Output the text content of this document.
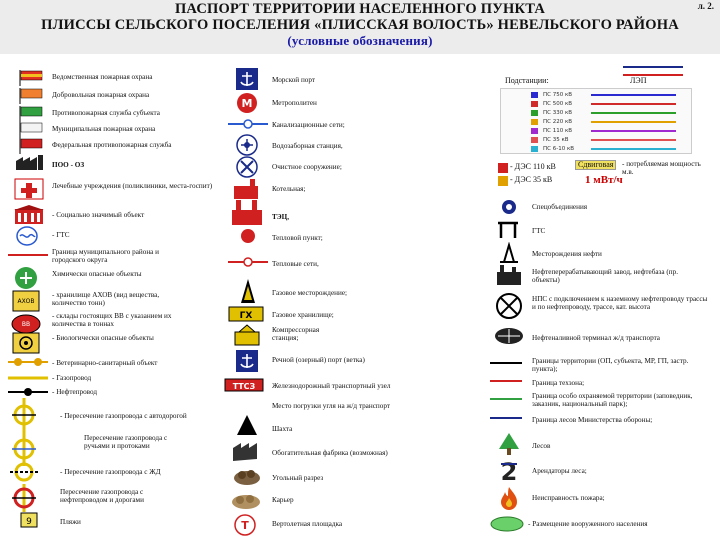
л. 2.
ПАСПОРТ ТЕРРИТОРИИ НАСЕЛЕННОГО ПУНКТА
ПЛИССЫ СЕЛЬСКОГО ПОСЕЛЕНИЯ «ПЛИССКАЯ ВОЛОСТЬ» НЕВЕЛЬСКОГО РАЙОНА
(условные обозначения)
Ведомственная пожарная охрана
Добровольная пожарная охрана
Противопожарная служба субъекта
Муниципальная пожарная охрана
Федеральная противопожарная служба
ПОО - ОЗ
Лечебные учреждения (поликлиники, места-госпит)
- Социально значимый объект
- ГТС
Граница муниципального района и городского округа
Химически опасные объекты
АХОВ
- хранилище АХОВ (вид вещества, количество тонн)
ВВ
- склады гостоящих ВВ с указанием их количества в тоннах
- Биологически опасные объекты
- Ветеринарно-санитарный объект
- Газопровод
- Нефтепровод
- Пересечение газопровода с автодорогой
Пересечение газопровода с ручьями и протоками
- Пересечение газопровода с ЖД
Пересечение газопровода с нефтепроводом и дорогами
9	Пляжи
Морской порт
М	Метрополитен
Канализационные сети;
Водозаборная станция,
Очистное сооружение;
Котельная;
ТЭЦ,
Тепловой пункт;
Тепловые сети,
Газовое месторождение;
ГХ	Газовое хранилище;
Компрессорная станция;
Речной (озерный) порт (ветка)
ТТСЗ Железнодорожный транспортный узел
Место погрузки угля на ж/д транспорт
Шахта
Обогатительная фабрика (возможная)
Угольный разрез
Карьер
Т	Вертолетная площадка
Подстанции:	ЛЭП
ПС 750 кВ
ПС 500 кВ
ПС 330 кВ
ПС 220 кВ
ПС 110 кВ
ПС 35 кВ
ПС 6-10 кВ
- ДЭС 110 кВ
- ДЭС 35 кВ
Сдвиговая	- потребляемая мощность м.в.
1 мВт/ч
Спецобъединения
ГТС
Месторождения нефти
Нефтеперерабатывающий завод, нефтебаза (пр. объекты)
НПС с подключением к наземному нефтепроводу трассы и по нефтепроводу, трассе, кат. высота
Нефтеналивной терминал ж/д транспорта
Границы территории (ОП, субъекта, МР, ГП, застр. пункта);
Граница техзона;
Граница особо охраняемой территории (заповедник, заказник, национальный парк);
Граница лесов Министерства обороны;
Лесов
2 Арендаторы леса;
Неисправность пожара;
- Размещение вооруженного населения
